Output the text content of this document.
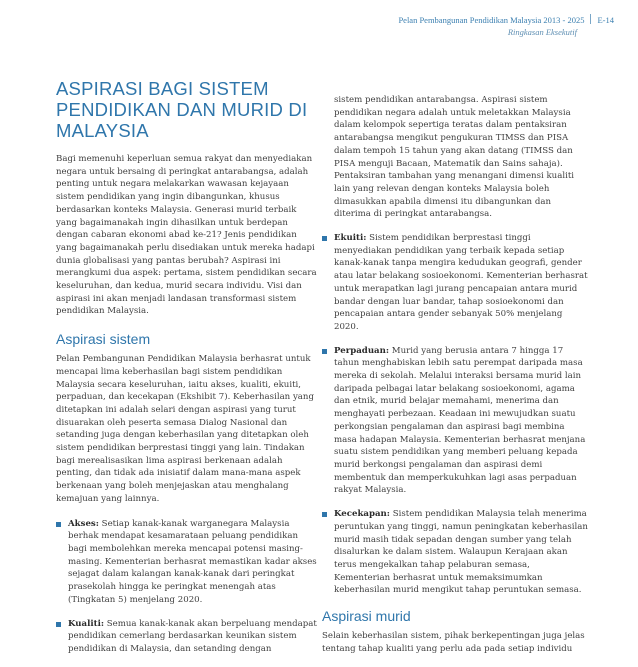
Pelan Pembangunan Pendidikan Malaysia 2013 - 2025 E-14
Ringkasan Eksekutif
ASPIRASI BAGI SISTEM PENDIDIKAN DAN MURID DI MALAYSIA

Bagi memenuhi keperluan semua rakyat dan menyediakan negara untuk bersaing di peringkat antarabangsa, adalah penting untuk negara melakarkan wawasan kejayaan sistem pendidikan yang ingin dibangunkan, khusus berdasarkan konteks Malaysia. Generasi murid terbaik yang bagaimanakah ingin dihasilkan untuk berdepan dengan cabaran ekonomi abad ke-21? Jenis pendidikan yang bagaimanakah perlu disediakan untuk mereka hadapi dunia globalisasi yang pantas berubah? Aspirasi ini merangkumi dua aspek: pertama, sistem pendidikan secara keseluruhan, dan kedua, murid secara individu. Visi dan aspirasi ini akan menjadi landasan transformasi sistem pendidikan Malaysia.

Aspirasi sistem

Pelan Pembangunan Pendidikan Malaysia berhasrat untuk mencapai lima keberhasilan bagi sistem pendidikan Malaysia secara keseluruhan, iaitu akses, kualiti, ekuiti, perpaduan, dan kecekapan (Ekshibit 7). Keberhasilan yang ditetapkan ini adalah selari dengan aspirasi yang turut disuarakan oleh peserta semasa Dialog Nasional dan setanding juga dengan keberhasilan yang ditetapkan oleh sistem pendidikan berprestasi tinggi yang lain. Tindakan bagi merealisasikan lima aspirasi berkenaan adalah penting, dan tidak ada inisiatif dalam mana-mana aspek berkenaan yang boleh menjejaskan atau menghalang kemajuan yang lainnya.

Akses: Setiap kanak-kanak warganegara Malaysia berhak mendapat kesamarataan peluang pendidikan bagi membolehkan mereka mencapai potensi masing-masing. Kementerian berhasrat memastikan kadar akses sejagat dalam kalangan kanak-kanak dari peringkat prasekolah hingga ke peringkat menengah atas (Tingkatan 5) menjelang 2020.
Kualiti: Semua kanak-kanak akan berpeluang mendapat pendidikan cemerlang berdasarkan keunikan sistem pendidikan di Malaysia, dan setanding dengan

sistem pendidikan antarabangsa. Aspirasi sistem pendidikan negara adalah untuk meletakkan Malaysia dalam kelompok sepertiga teratas dalam pentaksiran antarabangsa mengikut pengukuran TIMSS dan PISA dalam tempoh 15 tahun yang akan datang (TIMSS dan PISA menguji Bacaan, Matematik dan Sains sahaja). Pentaksiran tambahan yang menangani dimensi kualiti lain yang relevan dengan konteks Malaysia boleh dimasukkan apabila dimensi itu dibangunkan dan diterima di peringkat antarabangsa.

Ekuiti: Sistem pendidikan berprestasi tinggi menyediakan pendidikan yang terbaik kepada setiap kanak-kanak tanpa mengira kedudukan geografi, gender atau latar belakang sosioekonomi. Kementerian berhasrat untuk merapatkan lagi jurang pencapaian antara murid bandar dengan luar bandar, tahap sosioekonomi dan pencapaian antara gender sebanyak 50% menjelang 2020.
Perpaduan: Murid yang berusia antara 7 hingga 17 tahun menghabiskan lebih satu perempat daripada masa mereka di sekolah. Melalui interaksi bersama murid lain daripada pelbagai latar belakang sosioekonomi, agama dan etnik, murid belajar memahami, menerima dan menghayati perbezaan. Keadaan ini mewujudkan suatu perkongsian pengalaman dan aspirasi bagi membina masa hadapan Malaysia. Kementerian berhasrat menjana suatu sistem pendidikan yang memberi peluang kepada murid berkongsi pengalaman dan aspirasi demi membentuk dan memperkukuhkan lagi asas perpaduan rakyat Malaysia.
Kecekapan: Sistem pendidikan Malaysia telah menerima peruntukan yang tinggi, namun peningkatan keberhasilan murid masih tidak sepadan dengan sumber yang telah disalurkan ke dalam sistem. Walaupun Kerajaan akan terus mengekalkan tahap pelaburan semasa, Kementerian berhasrat untuk memaksimumkan keberhasilan murid mengikut tahap peruntukan semasa.
Aspirasi murid

Selain keberhasilan sistem, pihak berkepentingan juga jelas tentang tahap kualiti yang perlu ada pada setiap individu
